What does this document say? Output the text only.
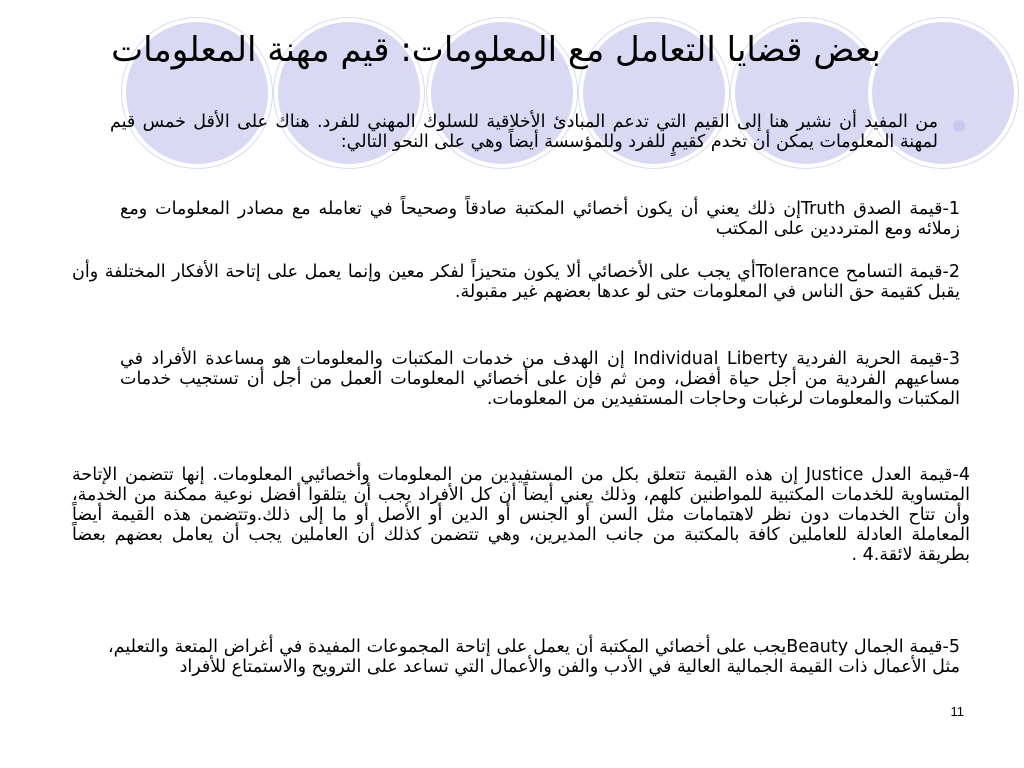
بعض قضايا التعامل مع المعلومات: قيم مهنة المعلومات
من المفيد أن نشير هنا إلى القيم التي تدعم المبادئ الأخلاقية للسلوك المهني للفرد. هناك على الأقل خمس قيم لمهنة المعلومات يمكن أن تخدم كقيمٍ للفرد وللمؤسسة أيضاً وهي على النحو التالي:
1-قيمة الصدق Truthإن ذلك يعني أن يكون أخصائي المكتبة صادقاً وصحيحاً في تعامله مع مصادر المعلومات ومع زملائه ومع المترددين على المكتب
2-قيمة التسامح Toleranceأي يجب على الأخصائي ألا يكون متحيزاً لفكر معين وإنما يعمل على إتاحة الأفكار المختلفة وأن يقبل كقيمة حق الناس في المعلومات حتى لو عدها بعضهم غير مقبولة.
3-قيمة الحرية الفردية Individual Liberty إن الهدف من خدمات المكتبات والمعلومات هو مساعدة الأفراد في مساعيهم الفردية من أجل حياة أفضل، ومن ثم فإن على أخصائي المعلومات العمل من أجل أن تستجيب خدمات المكتبات والمعلومات لرغبات وحاجات المستفيدين من المعلومات.
4-قيمة العدل Justice إن هذه القيمة تتعلق بكل من المستفيدين من المعلومات وأخصائيي المعلومات. إنها تتضمن الإتاحة المتساوية للخدمات المكتبية للمواطنين كلهم، وذلك يعني أيضاً أن كل الأفراد يجب أن يتلقوا أفضل نوعية ممكنة من الخدمة، وأن تتاح الخدمات دون نظر لاهتمامات مثل السن أو الجنس أو الدين أو الأصل أو ما إلى ذلك.وتتضمن هذه القيمة أيضاً المعاملة العادلة للعاملين كافة بالمكتبة من جانب المديرين، وهي تتضمن كذلك أن العاملين يجب أن يعامل بعضهم بعضاً بطريقة لائقة.4 .
5-قيمة الجمال Beautyيجب على أخصائي المكتبة أن يعمل على إتاحة المجموعات المفيدة في أغراض المتعة والتعليم، مثل الأعمال ذات القيمة الجمالية العالية في الأدب والفن والأعمال التي تساعد على الترويح والاستمتاع للأفراد
11
